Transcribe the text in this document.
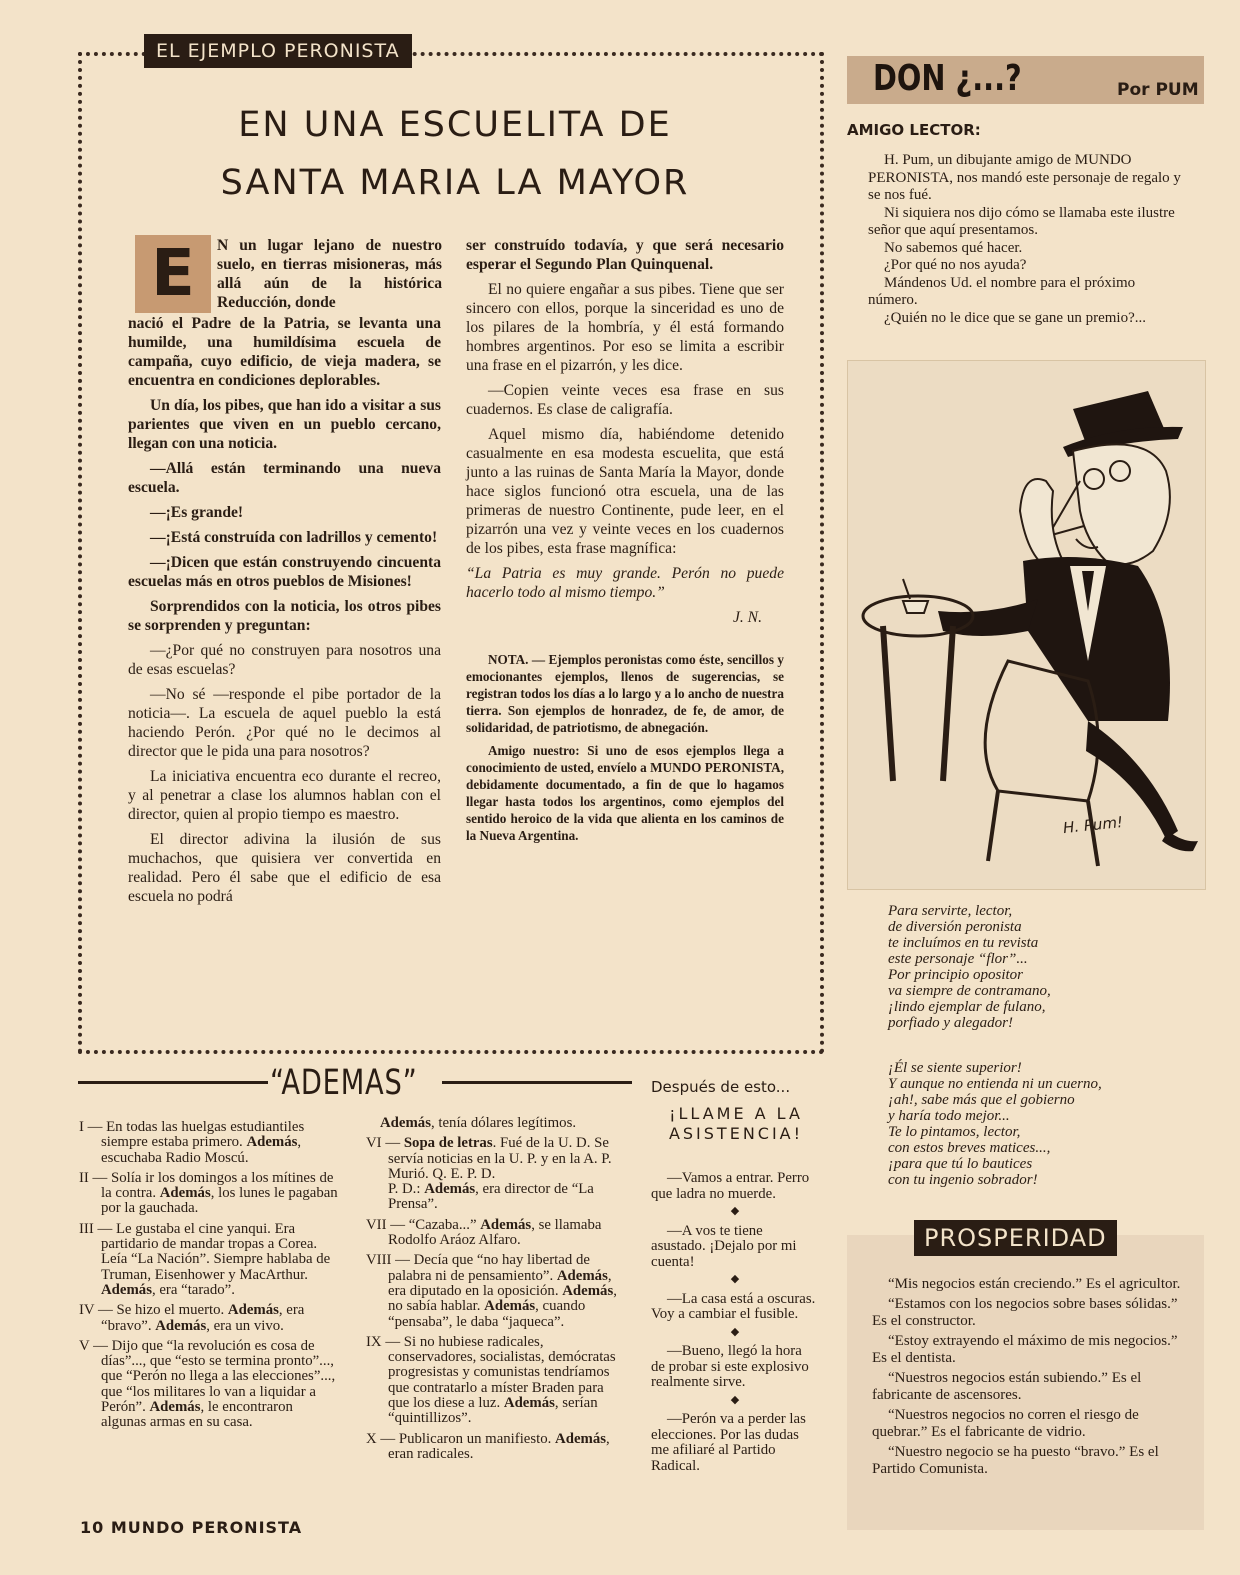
EL EJEMPLO PERONISTA
EN UNA ESCUELITA DE
SANTA MARIA LA MAYOR
E	N un lugar lejano de nuestro suelo, en tierras misioneras, más allá aún de la histórica Reducción, donde

nació el Padre de la Patria, se levanta una humilde, una humildísima escuela de campaña, cuyo edificio, de vieja madera, se encuentra en condiciones deplorables.

Un día, los pibes, que han ido a visitar a sus parientes que viven en un pueblo cercano, llegan con una noticia.

—Allá están terminando una nueva escuela.

—¡Es grande!

—¡Está construída con ladrillos y cemento!

—¡Dicen que están construyendo cincuenta escuelas más en otros pueblos de Misiones!

Sorprendidos con la noticia, los otros pibes se sorprenden y preguntan:

—¿Por qué no construyen para nosotros una de esas escuelas?

—No sé —responde el pibe portador de la noticia—. La escuela de aquel pueblo la está haciendo Perón. ¿Por qué no le decimos al director que le pida una para nosotros?

La iniciativa encuentra eco durante el recreo, y al penetrar a clase los alumnos hablan con el director, quien al propio tiempo es maestro.

El director adivina la ilusión de sus muchachos, que quisiera ver convertida en realidad. Pero él sabe que el edificio de esa escuela no podrá

ser construído todavía, y que será necesario esperar el Segundo Plan Quinquenal.

El no quiere engañar a sus pibes. Tiene que ser sincero con ellos, porque la sinceridad es uno de los pilares de la hombría, y él está formando hombres argentinos. Por eso se limita a escribir una frase en el pizarrón, y les dice.

—Copien veinte veces esa frase en sus cuadernos. Es clase de caligrafía.

Aquel mismo día, habiéndome detenido casualmente en esa modesta escuelita, que está junto a las ruinas de Santa María la Mayor, donde hace siglos funcionó otra escuela, una de las primeras de nuestro Continente, pude leer, en el pizarrón una vez y veinte veces en los cuadernos de los pibes, esta frase magnífica:

“La Patria es muy grande. Perón no puede hacerlo todo al mismo tiempo.”

J. N.

NOTA. — Ejemplos peronistas como éste, sencillos y emocionantes ejemplos, llenos de sugerencias, se registran todos los días a lo largo y a lo ancho de nuestra tierra. Son ejemplos de honradez, de fe, de amor, de solidaridad, de patriotismo, de abnegación.

Amigo nuestro: Si uno de esos ejemplos llega a conocimiento de usted, envíelo a MUNDO PERONISTA, debidamente documentado, a fin de que lo hagamos llegar hasta todos los argentinos, como ejemplos del sentido heroico de la vida que alienta en los caminos de la Nueva Argentina.

DON ¿...?	Por PUM
AMIGO LECTOR:

H. Pum, un dibujante amigo de MUNDO PERONISTA, nos mandó este personaje de regalo y se nos fué.

Ni siquiera nos dijo cómo se llamaba este ilustre señor que aquí presentamos.

No sabemos qué hacer.

¿Por qué no nos ayuda?

Mándenos Ud. el nombre para el próximo número.

¿Quién no le dice que se gane un premio?...

H. Pum!
Para servirte, lector,
de diversión peronista
te incluímos en tu revista
este personaje “flor”...
Por principio opositor
va siempre de contramano,
¡lindo ejemplar de fulano,
porfiado y alegador!
¡Él se siente superior!
Y aunque no entienda ni un cuerno,
¡ah!, sabe más que el gobierno
y haría todo mejor...
Te lo pintamos, lector,
con estos breves matices...,
¡para que tú lo bautices
con tu ingenio sobrador!
PROSPERIDAD

“Mis negocios están creciendo.” Es el agricultor.

“Estamos con los negocios sobre bases sólidas.” Es el constructor.

“Estoy extrayendo el máximo de mis negocios.” Es el dentista.

“Nuestros negocios están subiendo.” Es el fabricante de ascensores.

“Nuestros negocios no corren el riesgo de quebrar.” Es el fabricante de vidrio.

“Nuestro negocio se ha puesto “bravo.” Es el Partido Comunista.

“ADEMAS”

I — En todas las huelgas estudiantiles siempre estaba primero. Además, escuchaba Radio Moscú.

II — Solía ir los domingos a los mítines de la contra. Además, los lunes le pagaban por la gauchada.

III — Le gustaba el cine yanqui. Era partidario de mandar tropas a Corea. Leía “La Nación”. Siempre hablaba de Truman, Eisenhower y MacArthur. Además, era “tarado”.

IV — Se hizo el muerto. Además, era “bravo”. Además, era un vivo.

V — Dijo que “la revolución es cosa de días”..., que “esto se termina pronto”..., que “Perón no llega a las elecciones”..., que “los militares lo van a liquidar a Perón”. Además, le encontraron algunas armas en su casa.

Además, tenía dólares legítimos.

VI — Sopa de letras. Fué de la U. D. Se servía noticias en la U. P. y en la A. P. Murió. Q. E. P. D.
P. D.: Además, era director de “La Prensa”.

VII — “Cazaba...” Además, se llamaba Rodolfo Aráoz Alfaro.

VIII — Decía que “no hay libertad de palabra ni de pensamiento”. Además, era diputado en la oposición. Además, no sabía hablar. Además, cuando “pensaba”, le daba “jaqueca”.

IX — Si no hubiese radicales, conservadores, socialistas, demócratas progresistas y comunistas tendríamos que contratarlo a míster Braden para que los diese a luz. Además, serían “quintillizos”.

X — Publicaron un manifiesto. Además, eran radicales.

Después de esto...
¡LLAME A LA ASISTENCIA!

—Vamos a entrar. Perro que ladra no muerde.

◆

—A vos te tiene asustado. ¡Dejalo por mi cuenta!

◆

—La casa está a oscuras. Voy a cambiar el fusible.

◆

—Bueno, llegó la hora de probar si este explosivo realmente sirve.

◆

—Perón va a perder las elecciones. Por las dudas me afiliaré al Partido Radical.

10 MUNDO PERONISTA
